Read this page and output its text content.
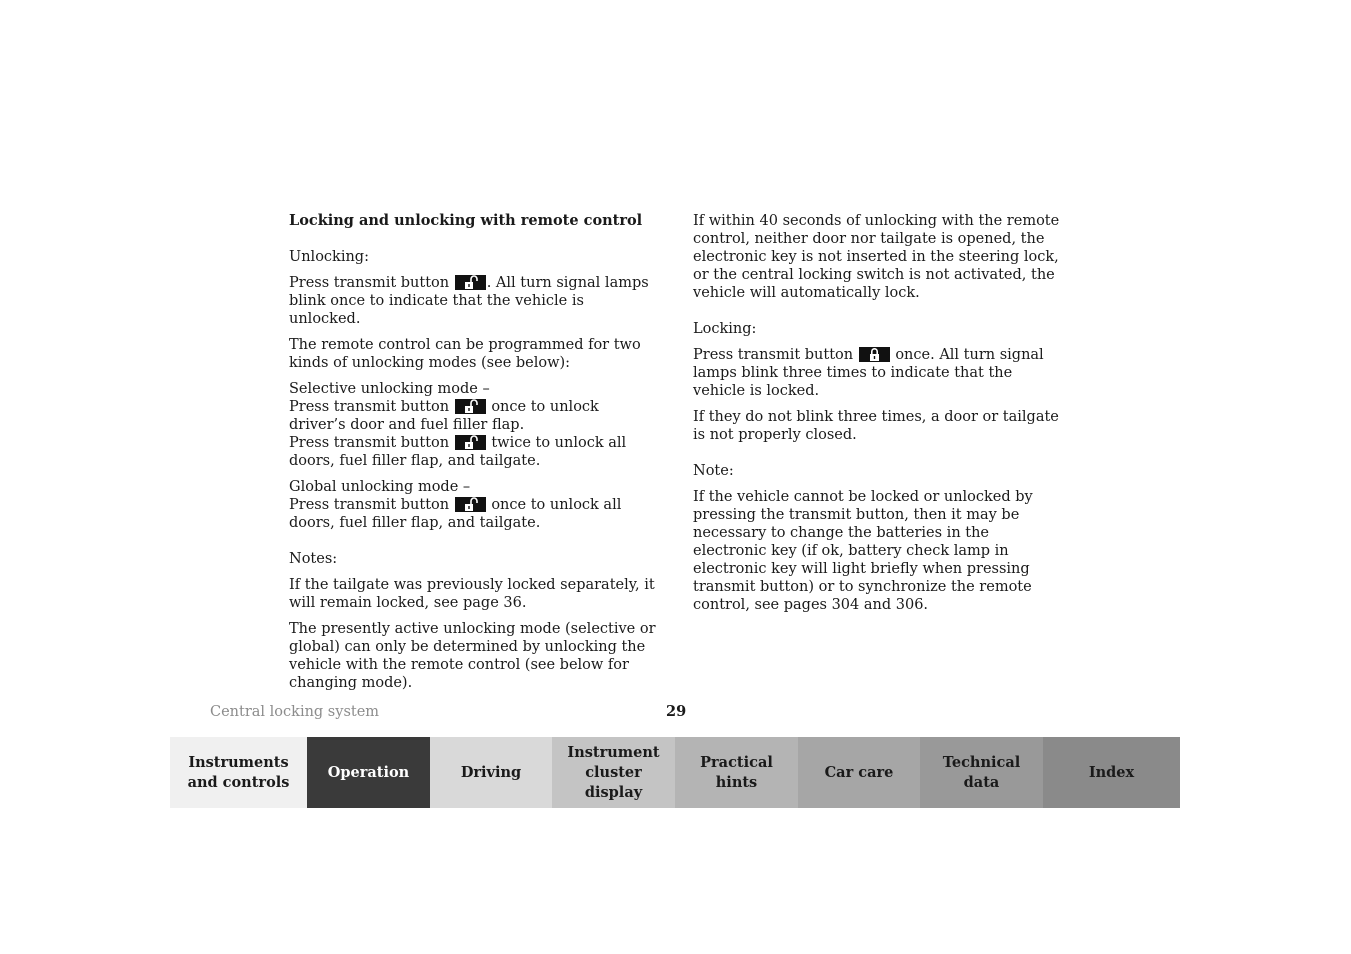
Locking and unlocking with remote control

Unlocking:

Press transmit button	. All turn signal lamps blink once to indicate that the vehicle is unlocked.

The remote control can be programmed for two kinds of unlocking modes (see below):

Selective unlocking mode –
Press transmit button	once to unlock driver’s door and fuel filler flap.
Press transmit button	twice to unlock all doors, fuel filler flap, and tailgate.

Global unlocking mode –
Press transmit button	once to unlock all doors, fuel filler flap, and tailgate.

Notes:

If the tailgate was previously locked separately, it will remain locked, see page 36.

The presently active unlocking mode (selective or global) can only be determined by unlocking the vehicle with the remote control (see below for changing mode).

If within 40 seconds of unlocking with the remote control, neither door nor tailgate is opened, the electronic key is not inserted in the steering lock, or the central locking switch is not activated, the vehicle will automatically lock.

Locking:

Press transmit button	once. All turn signal lamps blink three times to indicate that the vehicle is locked.

If they do not blink three times, a door or tailgate is not properly closed.

Note:

If the vehicle cannot be locked or unlocked by pressing the transmit button, then it may be necessary to change the batteries in the electronic key (if ok, battery check lamp in electronic key will light briefly when pressing transmit button) or to synchronize the remote control, see pages 304 and 306.

Central locking system	29
Instruments
and controls
Operation	Driving
Instrument
cluster display
Practical hints
Car care
Technical
data
Index
